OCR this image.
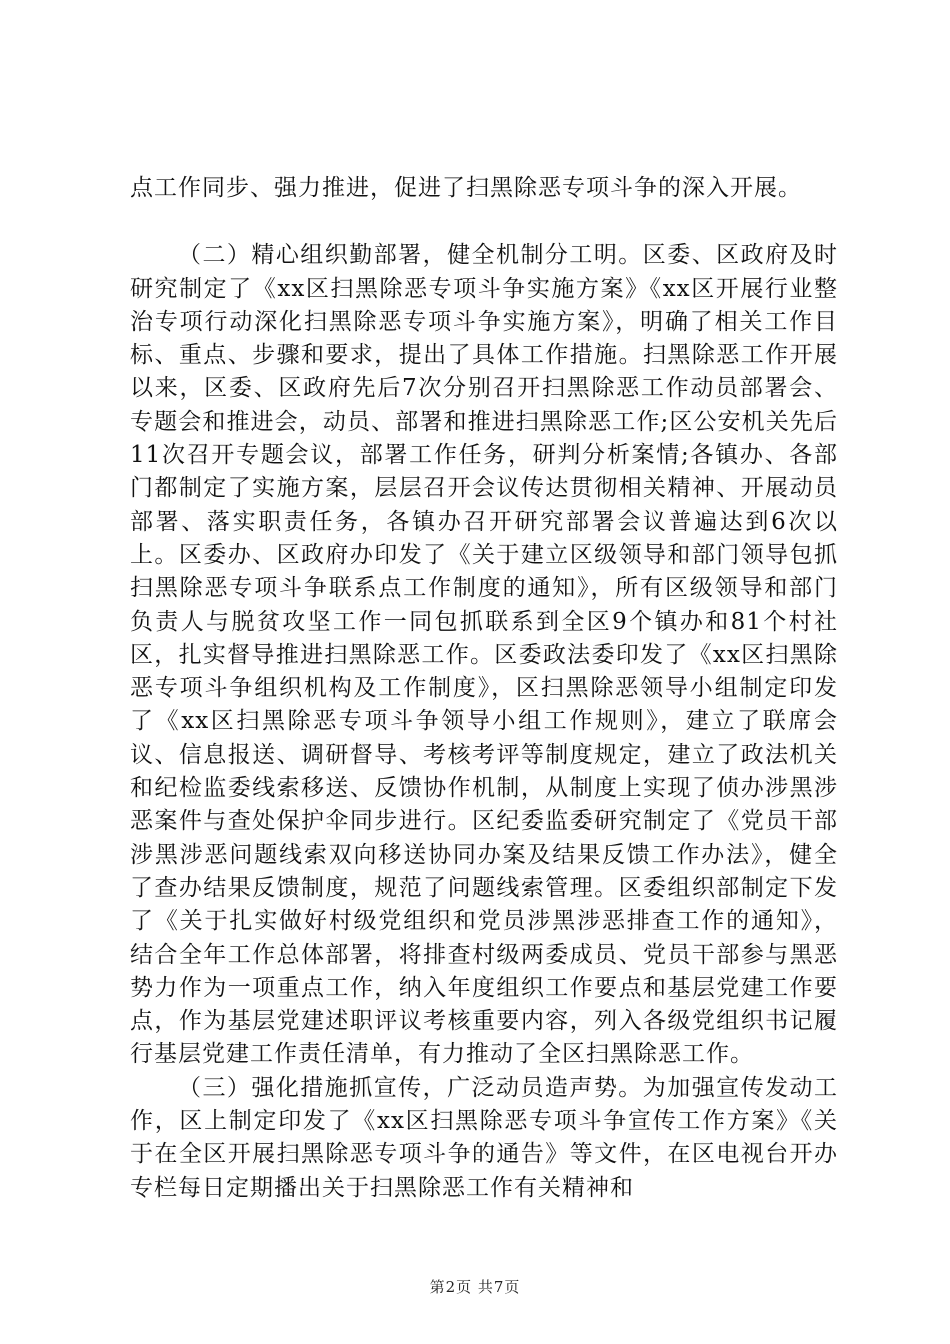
点工作同步、强力推进，促进了扫黑除恶专项斗争的深入开展。

（二）精心组织勤部署，健全机制分工明。区委、区政府及时研究制定了《xx区扫黑除恶专项斗争实施方案》《xx区开展行业整治专项行动深化扫黑除恶专项斗争实施方案》，明确了相关工作目标、重点、步骤和要求，提出了具体工作措施。扫黑除恶工作开展以来，区委、区政府先后7次分别召开扫黑除恶工作动员部署会、专题会和推进会，动员、部署和推进扫黑除恶工作;区公安机关先后11次召开专题会议，部署工作任务，研判分析案情;各镇办、各部门都制定了实施方案，层层召开会议传达贯彻相关精神、开展动员部署、落实职责任务，各镇办召开研究部署会议普遍达到6次以上。区委办、区政府办印发了《关于建立区级领导和部门领导包抓扫黑除恶专项斗争联系点工作制度的通知》，所有区级领导和部门负责人与脱贫攻坚工作一同包抓联系到全区9个镇办和81个村社区，扎实督导推进扫黑除恶工作。区委政法委印发了《xx区扫黑除恶专项斗争组织机构及工作制度》，区扫黑除恶领导小组制定印发了《xx区扫黑除恶专项斗争领导小组工作规则》，建立了联席会议、信息报送、调研督导、考核考评等制度规定，建立了政法机关和纪检监委线索移送、反馈协作机制，从制度上实现了侦办涉黑涉恶案件与查处保护伞同步进行。区纪委监委研究制定了《党员干部涉黑涉恶问题线索双向移送协同办案及结果反馈工作办法》，健全了查办结果反馈制度，规范了问题线索管理。区委组织部制定下发了《关于扎实做好村级党组织和党员涉黑涉恶排查工作的通知》，结合全年工作总体部署，将排查村级两委成员、党员干部参与黑恶势力作为一项重点工作，纳入年度组织工作要点和基层党建工作要点，作为基层党建述职评议考核重要内容，列入各级党组织书记履行基层党建工作责任清单，有力推动了全区扫黑除恶工作。

（三）强化措施抓宣传，广泛动员造声势。为加强宣传发动工作，区上制定印发了《xx区扫黑除恶专项斗争宣传工作方案》《关于在全区开展扫黑除恶专项斗争的通告》等文件，在区电视台开办专栏每日定期播出关于扫黑除恶工作有关精神和

第2页 共7页
